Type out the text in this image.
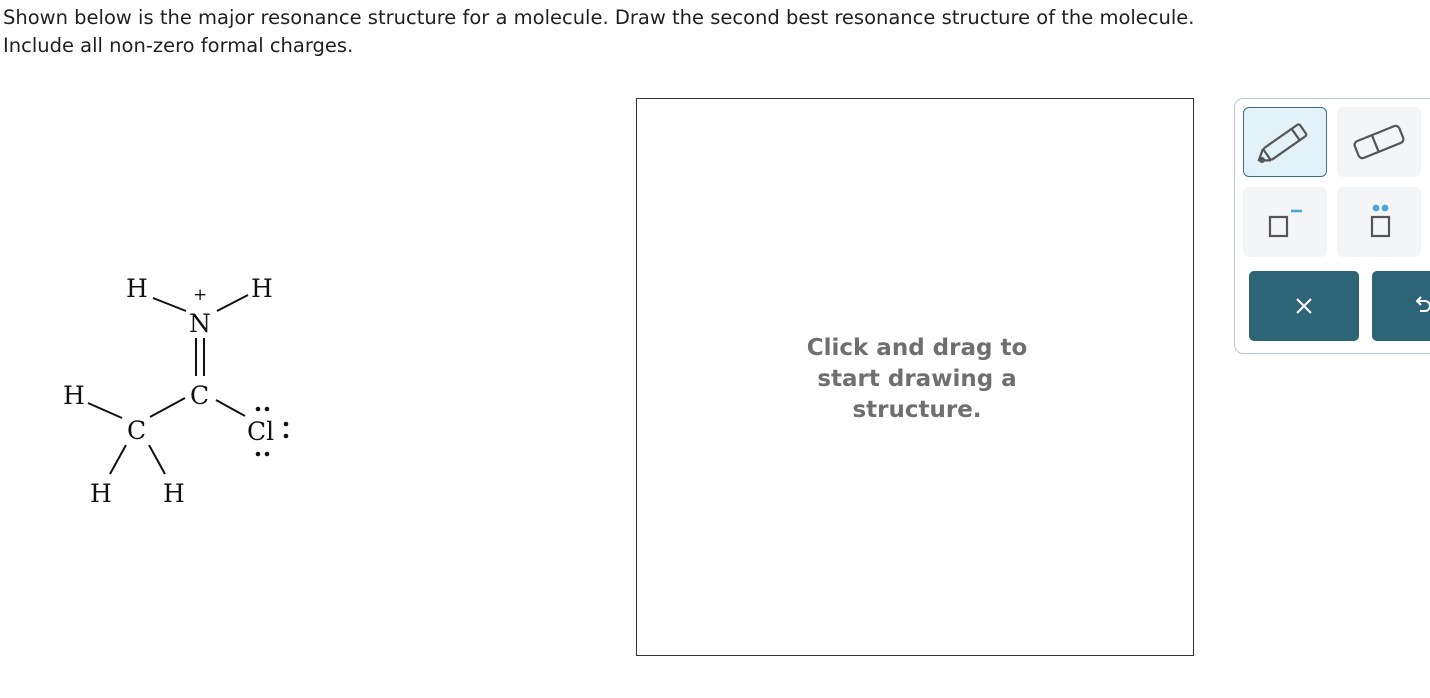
Shown below is the major resonance structure for a molecule. Draw the second best resonance structure of the molecule.

Include all non-zero formal charges.

H	+
N
H
C
H
C	Cl
H H
Click and drag to start drawing a structure.
